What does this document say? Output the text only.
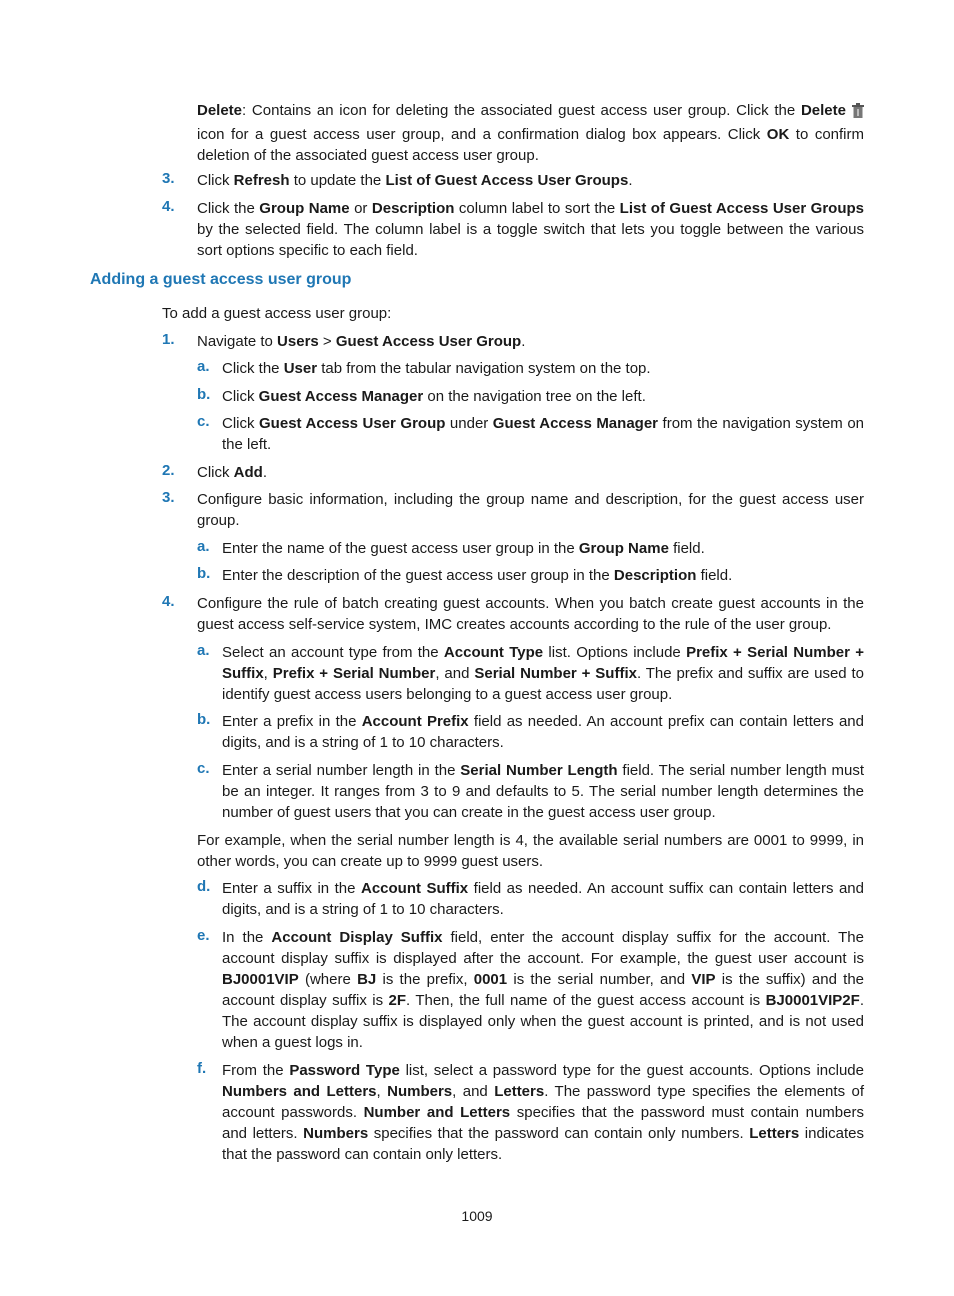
Delete: Contains an icon for deleting the associated guest access user group. Click the Delete icon for a guest access user group, and a confirmation dialog box appears. Click OK to confirm deletion of the associated guest access user group.

3. Click Refresh to update the List of Guest Access User Groups.

4. Click the Group Name or Description column label to sort the List of Guest Access User Groups by the selected field. The column label is a toggle switch that lets you toggle between the various sort options specific to each field.

Adding a guest access user group

To add a guest access user group:

1. Navigate to Users > Guest Access User Group.

a. Click the User tab from the tabular navigation system on the top.

b. Click Guest Access Manager on the navigation tree on the left.

c. Click Guest Access User Group under Guest Access Manager from the navigation system on the left.

2. Click Add.

3. Configure basic information, including the group name and description, for the guest access user group.

a. Enter the name of the guest access user group in the Group Name field.

b. Enter the description of the guest access user group in the Description field.

4. Configure the rule of batch creating guest accounts. When you batch create guest accounts in the guest access self-service system, IMC creates accounts according to the rule of the user group.

a. Select an account type from the Account Type list. Options include Prefix + Serial Number + Suffix, Prefix + Serial Number, and Serial Number + Suffix. The prefix and suffix are used to identify guest access users belonging to a guest access user group.

b. Enter a prefix in the Account Prefix field as needed. An account prefix can contain letters and digits, and is a string of 1 to 10 characters.

c. Enter a serial number length in the Serial Number Length field. The serial number length must be an integer. It ranges from 3 to 9 and defaults to 5. The serial number length determines the number of guest users that you can create in the guest access user group.

For example, when the serial number length is 4, the available serial numbers are 0001 to 9999, in other words, you can create up to 9999 guest users.

d. Enter a suffix in the Account Suffix field as needed. An account suffix can contain letters and digits, and is a string of 1 to 10 characters.

e. In the Account Display Suffix field, enter the account display suffix for the account. The account display suffix is displayed after the account. For example, the guest user account is BJ0001VIP (where BJ is the prefix, 0001 is the serial number, and VIP is the suffix) and the account display suffix is 2F. Then, the full name of the guest access account is BJ0001VIP2F. The account display suffix is displayed only when the guest account is printed, and is not used when a guest logs in.

f. From the Password Type list, select a password type for the guest accounts. Options include Numbers and Letters, Numbers, and Letters. The password type specifies the elements of account passwords. Number and Letters specifies that the password must contain numbers and letters. Numbers specifies that the password can contain only numbers. Letters indicates that the password can contain only letters.

1009
